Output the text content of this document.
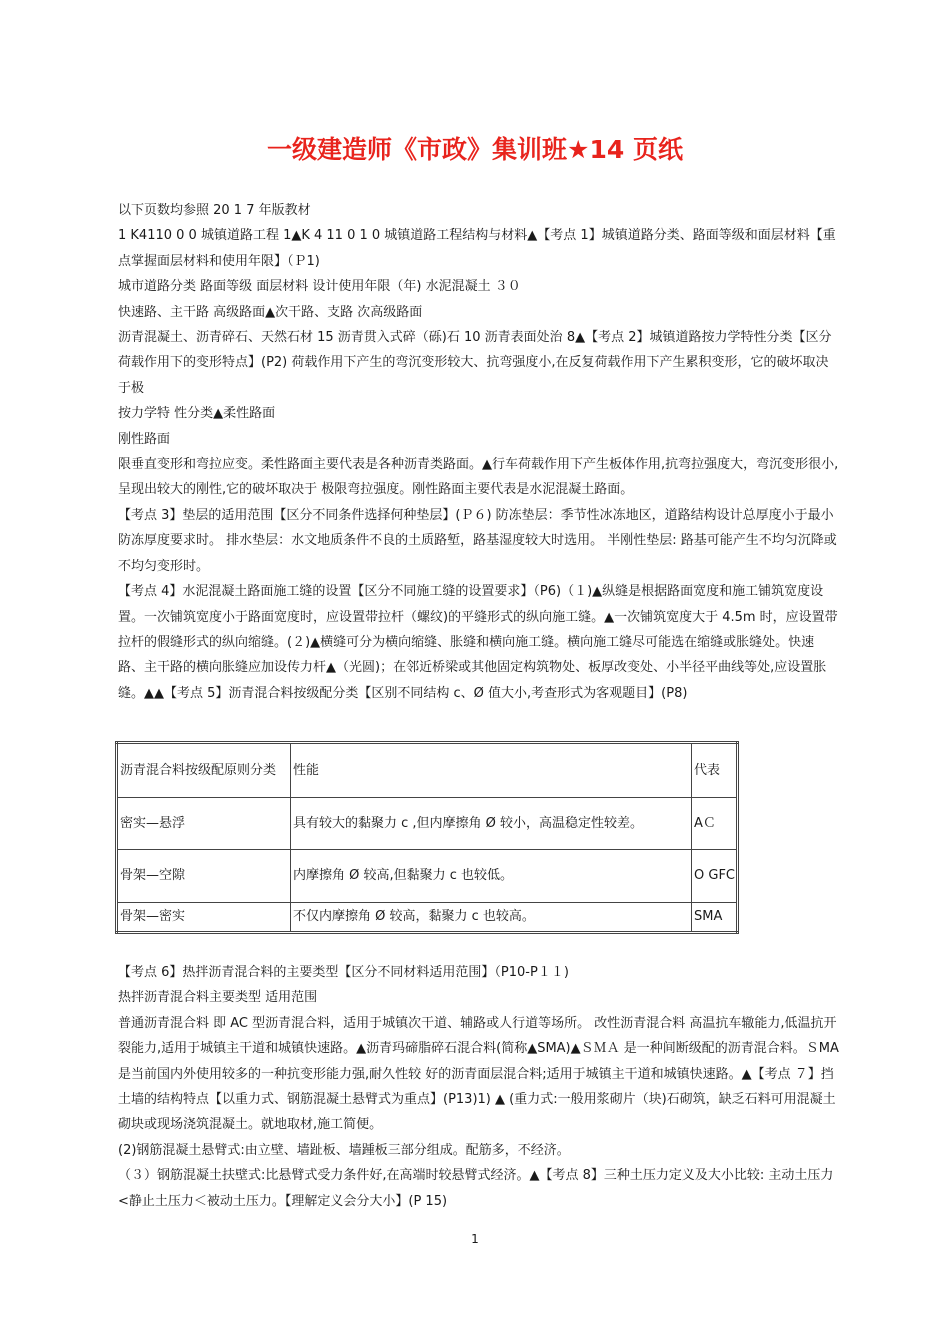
一级建造师《市政》集训班★14 页纸

以下页数均参照 20 1 7 年版教材

1 K4110 0 0 城镇道路工程 1▲K 4 11 0 1 0 城镇道路工程结构与材料▲【考点 1】城镇道路分类、路面等级和面层材料【重点掌握面层材料和使用年限】（Ｐ1)

城市道路分类 路面等级 面层材料 设计使用年限（年) 水泥混凝土 ３０

快速路、主干路 高级路面▲次干路、支路 次高级路面

沥青混凝土、沥青碎石、天然石材 15 沥青贯入式碎（砾)石 10 沥青表面处治 8▲【考点 2】城镇道路按力学特性分类【区分荷载作用下的变形特点】(P2) 荷载作用下产生的弯沉变形较大、抗弯强度小,在反复荷载作用下产生累积变形，它的破坏取决于极

按力学特 性分类▲柔性路面

刚性路面

限垂直变形和弯拉应变。柔性路面主要代表是各种沥青类路面。▲行车荷载作用下产生板体作用,抗弯拉强度大，弯沉变形很小,呈现出较大的刚性,它的破坏取决于 极限弯拉强度。刚性路面主要代表是水泥混凝土路面。

【考点 3】垫层的适用范围【区分不同条件选择何种垫层】(Ｐ６) 防冻垫层：季节性冰冻地区，道路结构设计总厚度小于最小防冻厚度要求时。 排水垫层：水文地质条件不良的土质路堑，路基湿度较大时选用。 半刚性垫层: 路基可能产生不均匀沉降或不均匀变形时。

【考点 4】水泥混凝土路面施工缝的设置【区分不同施工缝的设置要求】（P6)（１)▲纵缝是根据路面宽度和施工铺筑宽度设置。一次铺筑宽度小于路面宽度时，应设置带拉杆（螺纹)的平缝形式的纵向施工缝。▲一次铺筑宽度大于 4.5m 时，应设置带拉杆的假缝形式的纵向缩缝。(２)▲横缝可分为横向缩缝、胀缝和横向施工缝。横向施工缝尽可能选在缩缝或胀缝处。快速路、主干路的横向胀缝应加设传力杆▲（光圆)；在邻近桥梁或其他固定构筑物处、板厚改变处、小半径平曲线等处,应设置胀缝。▲▲【考点 5】沥青混合料按级配分类【区别不同结构 c、Ø 值大小,考查形式为客观题目】(P8)

沥青混合料按级配原则分类	性能	代表
密实—悬浮	具有较大的黏聚力 c ,但内摩擦角 Ø 较小，高温稳定性较差。	AＣ
骨架—空隙	内摩擦角 Ø 较高,但黏聚力 c 也较低。	O GFC
骨架—密实	不仅内摩擦角 Ø 较高，黏聚力 c 也较高。	SMA

【考点 6】热拌沥青混合料的主要类型【区分不同材料适用范围】（P10-P１１)

热拌沥青混合料主要类型 适用范围

普通沥青混合料 即 AC 型沥青混合料，适用于城镇次干道、辅路或人行道等场所。 改性沥青混合料 高温抗车辙能力,低温抗开裂能力,适用于城镇主干道和城镇快速路。▲沥青玛碲脂碎石混合料(简称▲SMA)▲ＳＭＡ 是一种间断级配的沥青混合料。ＳMA 是当前国内外使用较多的一种抗变形能力强,耐久性较 好的沥青面层混合料;适用于城镇主干道和城镇快速路。▲【考点 ７】挡土墙的结构特点【以重力式、钢筋混凝土悬臂式为重点】(P13)1) ▲ (重力式:一般用浆砌片（块)石砌筑，缺乏石料可用混凝土砌块或现场浇筑混凝土。就地取材,施工简便。

(2)钢筋混凝土悬臂式:由立壁、墙趾板、墙踵板三部分组成。配筋多，不经济。

（３）钢筋混凝土扶壁式:比悬臂式受力条件好,在高端时较悬臂式经济。▲【考点 8】三种土压力定义及大小比较: 主动土压力<静止土压力＜被动土压力。【理解定义会分大小】(P 15)

1
